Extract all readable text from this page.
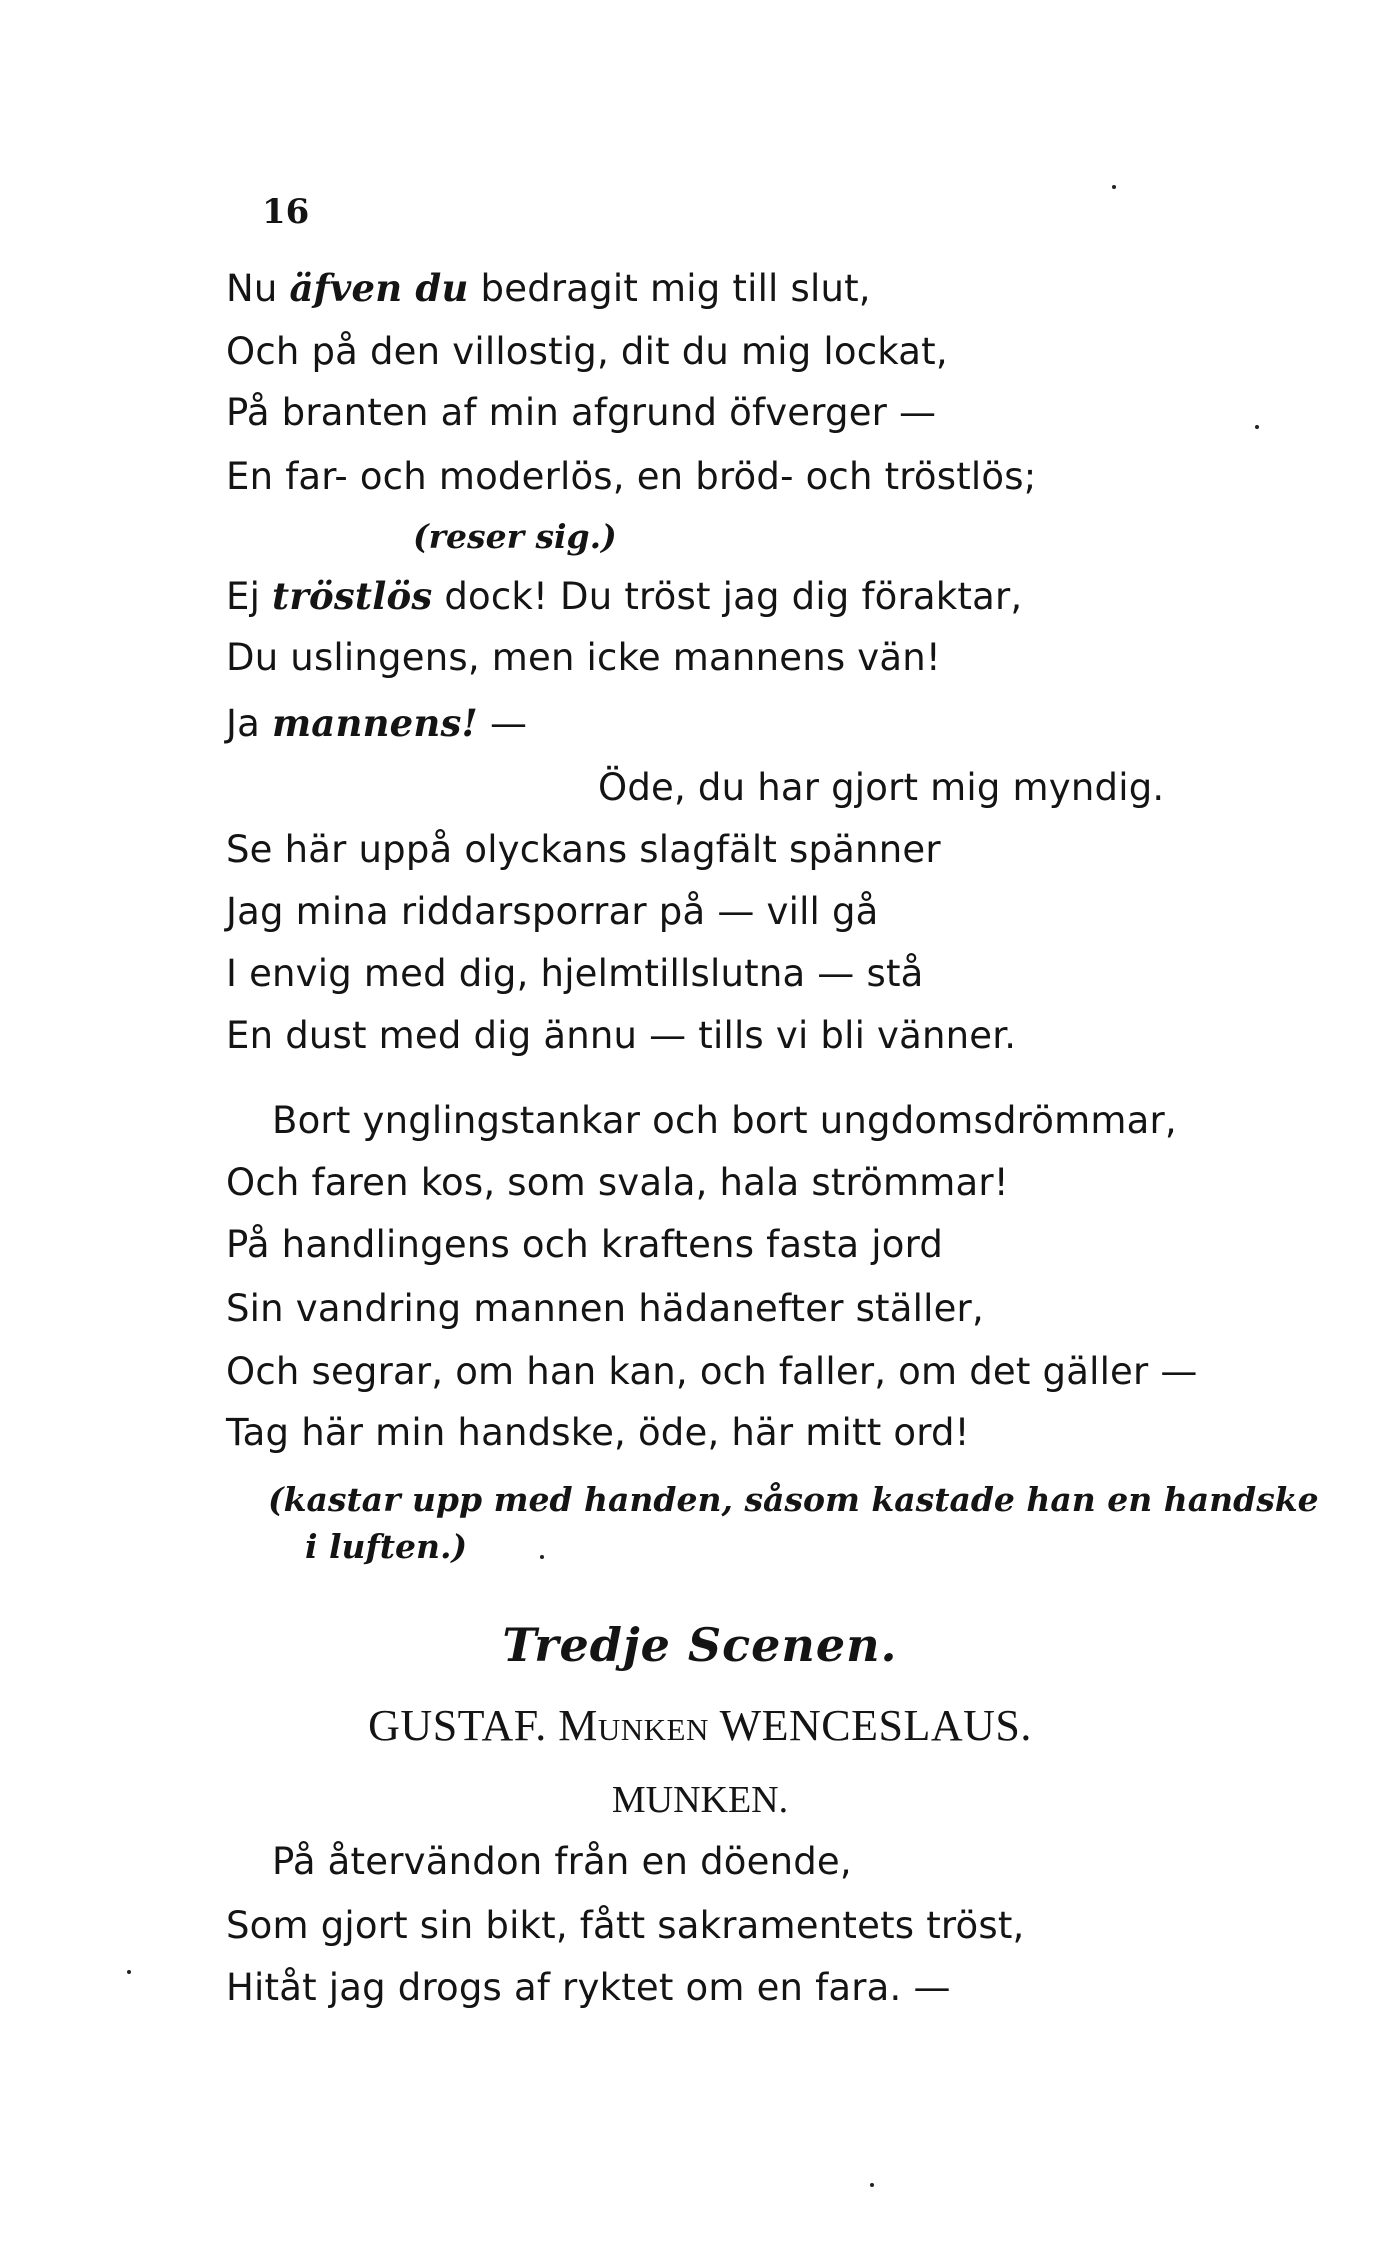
16
Nu äfven du bedragit mig till slut,
Och på den villostig, dit du mig lockat,
På branten af min afgrund öfverger —
En far- och moderlös, en bröd- och tröstlös;
(reser sig.)
Ej tröstlös dock! Du tröst jag dig föraktar,
Du uslingens, men icke mannens vän!
Ja mannens! —
Öde, du har gjort mig myndig.
Se här uppå olyckans slagfält spänner
Jag mina riddarsporrar på — vill gå
I envig med dig, hjelmtillslutna — stå
En dust med dig ännu — tills vi bli vänner.
Bort ynglingstankar och bort ungdomsdrömmar,
Och faren kos, som svala, hala strömmar!
På handlingens och kraftens fasta jord
Sin vandring mannen hädanefter ställer,
Och segrar, om han kan, och faller, om det gäller —
Tag här min handske, öde, här mitt ord!
(kastar upp med handen, såsom kastade han en handske
i luften.)
Tredje Scenen.
GUSTAF. Munken WENCESLAUS.
MUNKEN.
På återvändon från en döende,
Som gjort sin bikt, fått sakramentets tröst,
Hitåt jag drogs af ryktet om en fara. —
